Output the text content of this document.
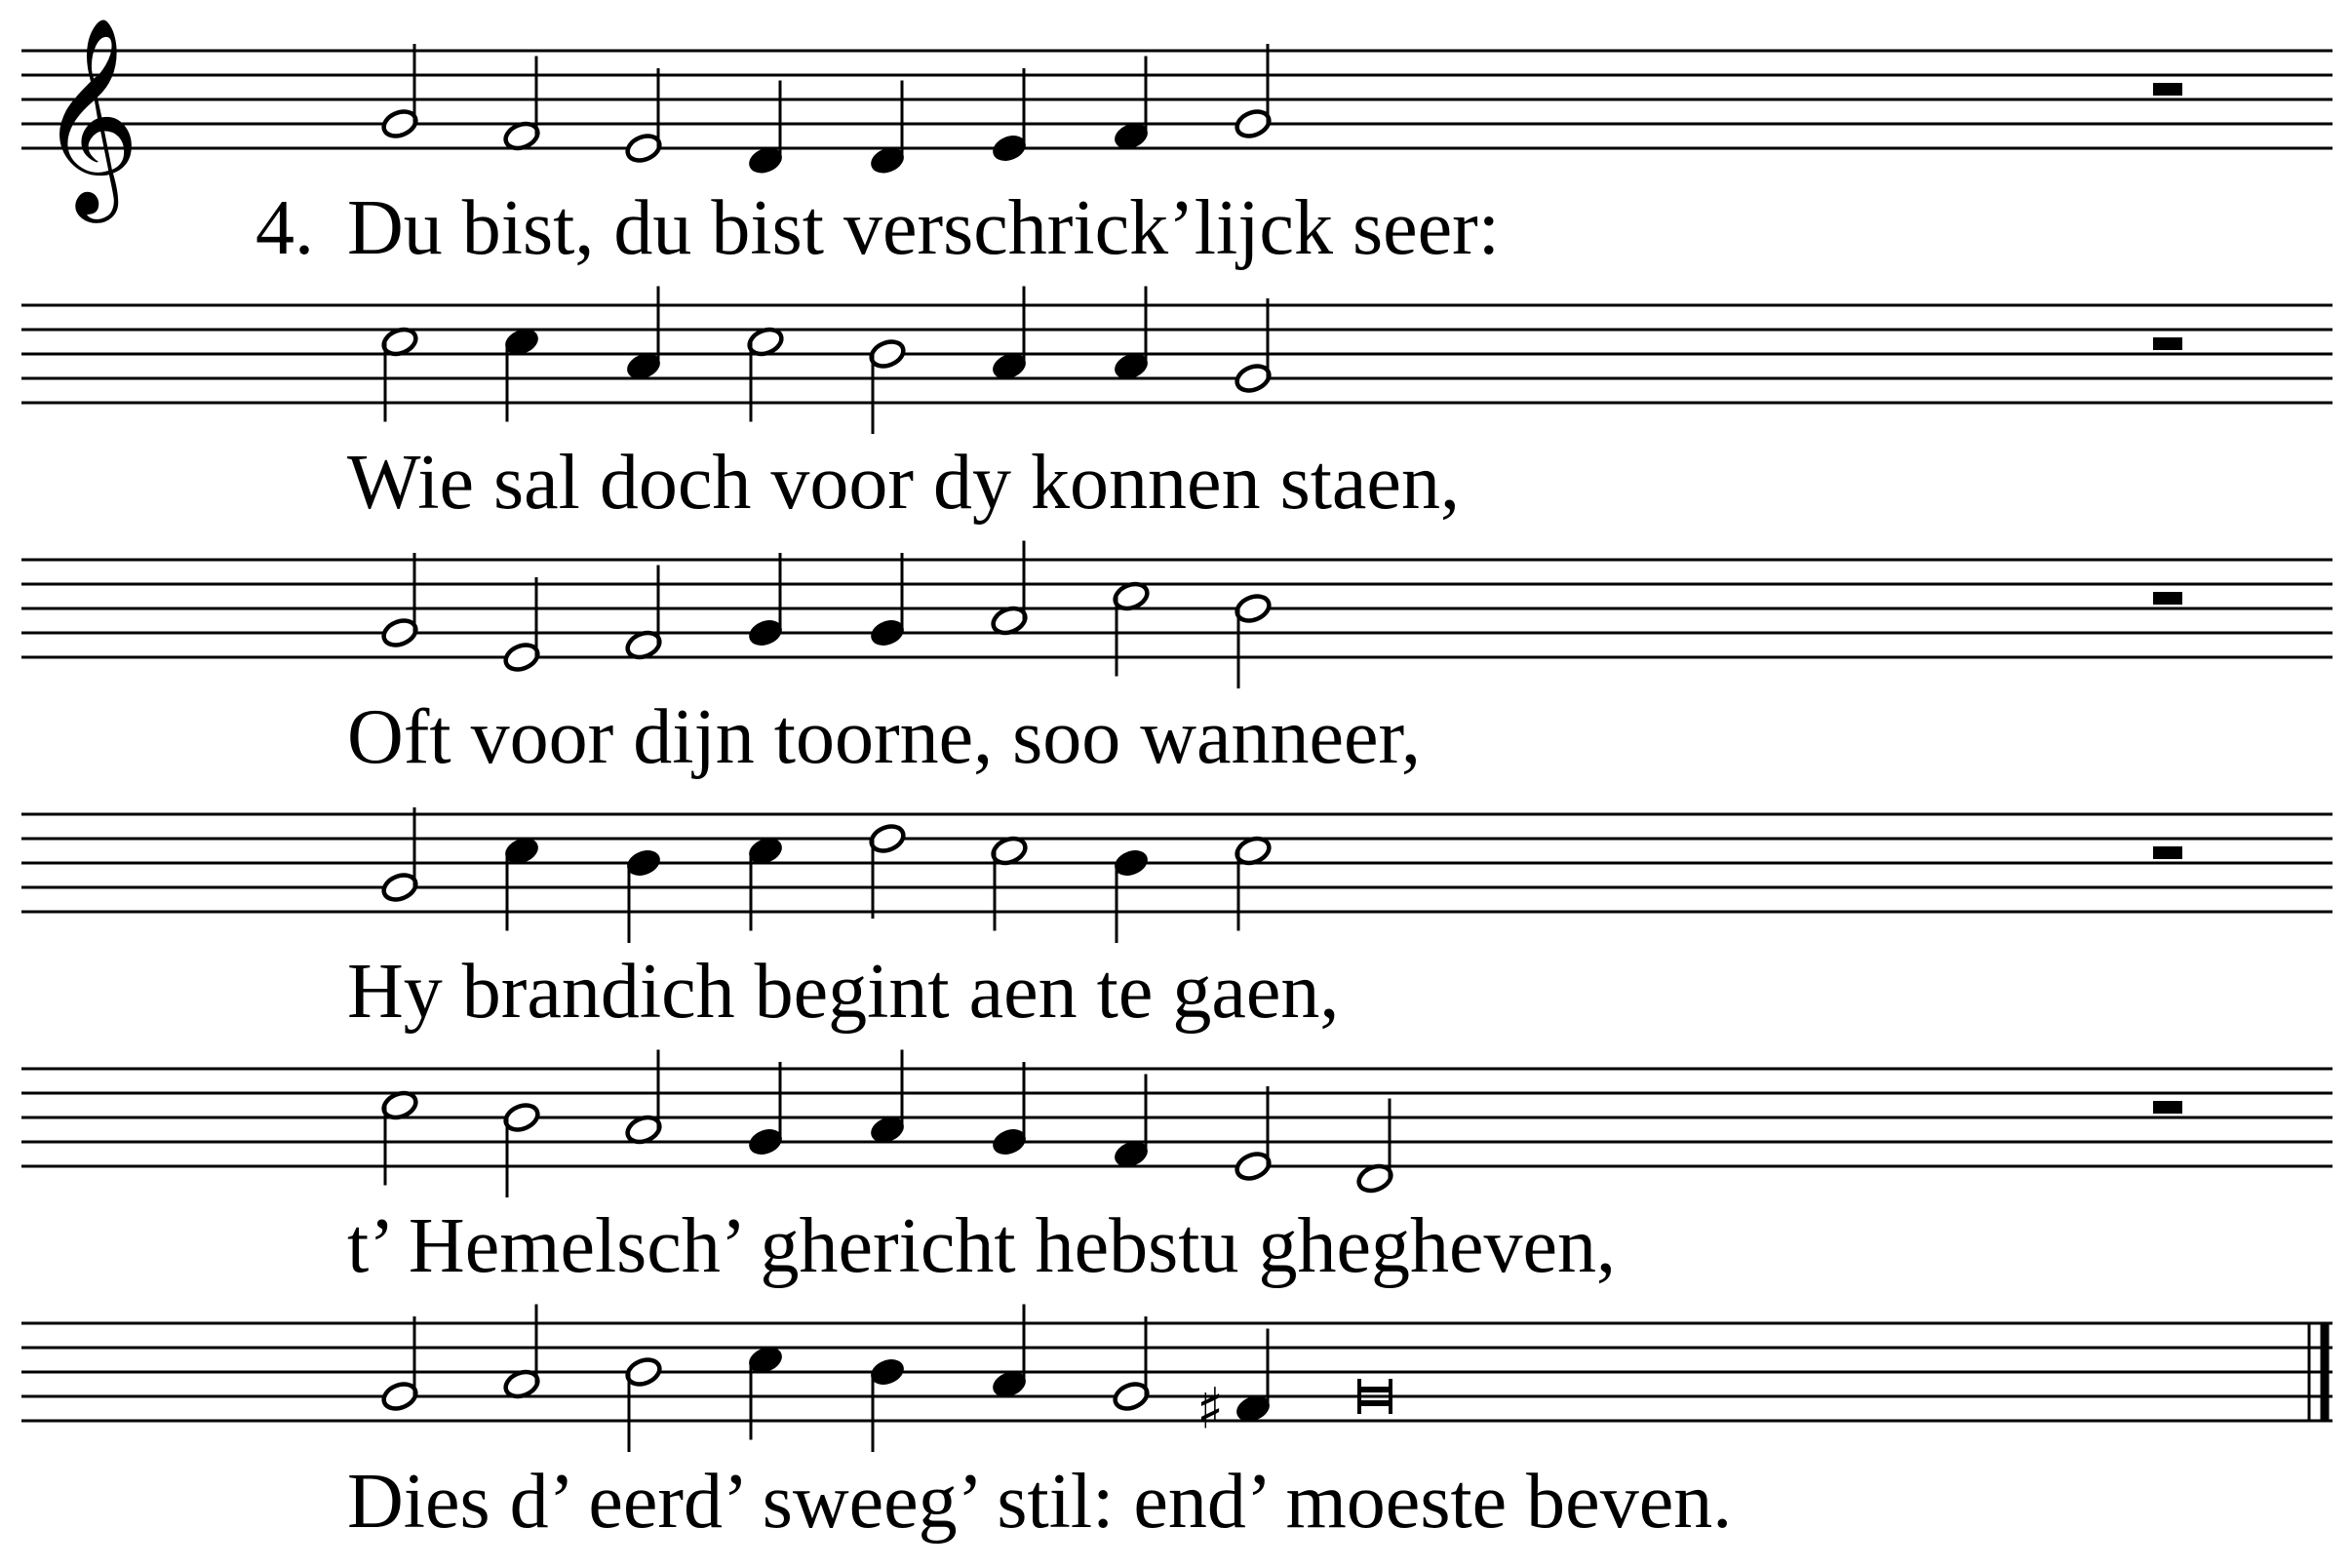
𝄞
♯
4. Du bist, du bist verschrick’lijck seer:
Wie sal doch voor dy konnen staen,
Oft voor dijn toorne, soo wanneer,
Hy brandich begint aen te gaen,
t’ Hemelsch’ ghericht hebstu ghegheven,
Dies d’ eerd’ sweeg’ stil: end’ moeste beven.
